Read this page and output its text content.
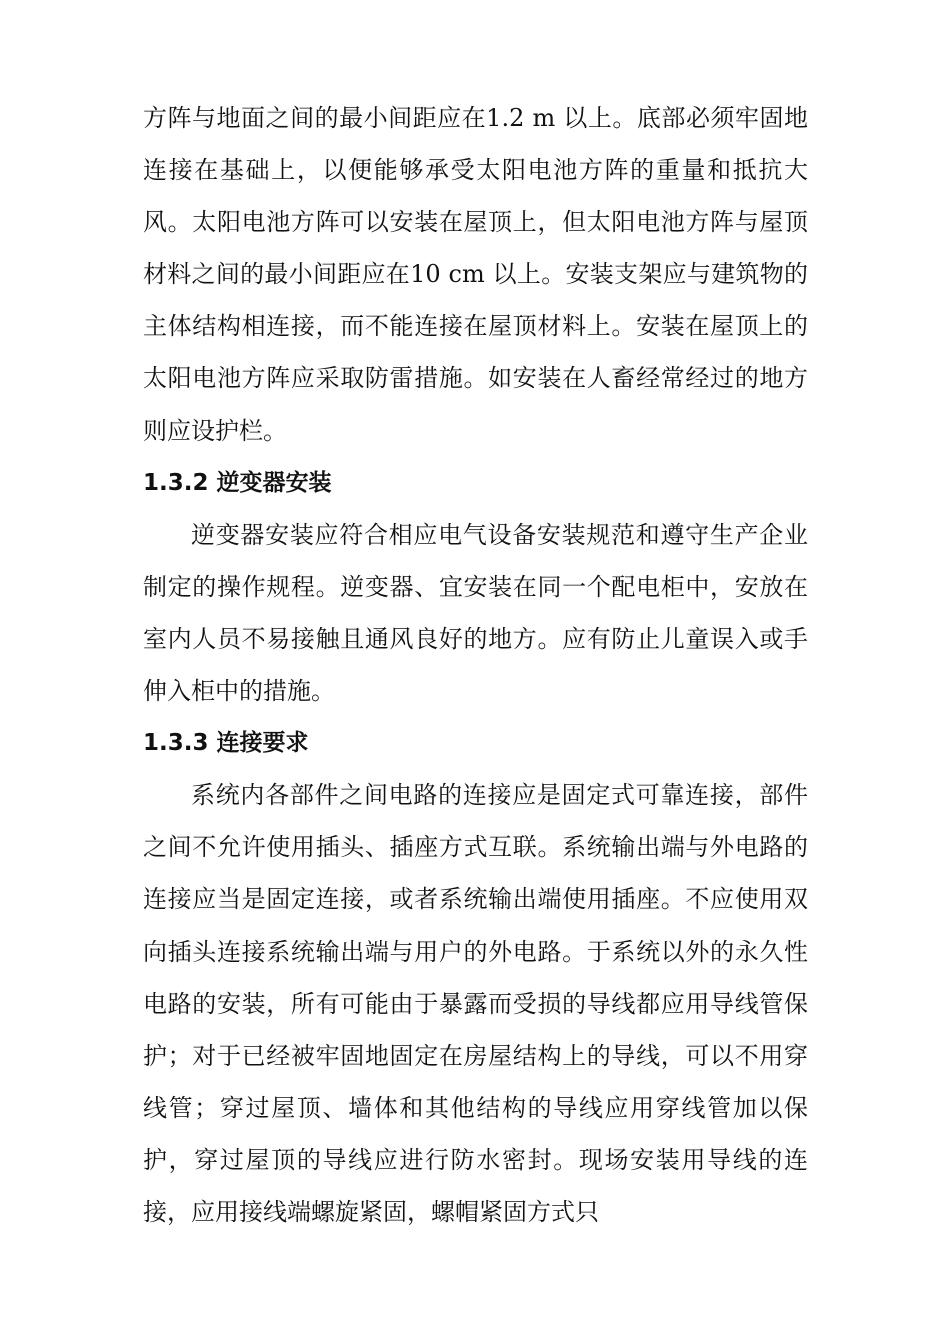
方阵与地面之间的最小间距应在1.2 m 以上。底部必须牢固地连接在基础上，以便能够承受太阳电池方阵的重量和抵抗大风。太阳电池方阵可以安装在屋顶上，但太阳电池方阵与屋顶材料之间的最小间距应在10 cm 以上。安装支架应与建筑物的主体结构相连接，而不能连接在屋顶材料上。安装在屋顶上的太阳电池方阵应采取防雷措施。如安装在人畜经常经过的地方则应设护栏。

1.3.2 逆变器安装

逆变器安装应符合相应电气设备安装规范和遵守生产企业制定的操作规程。逆变器、宜安装在同一个配电柜中，安放在室内人员不易接触且通风良好的地方。应有防止儿童误入或手伸入柜中的措施。

1.3.3 连接要求

系统内各部件之间电路的连接应是固定式可靠连接，部件之间不允许使用插头、插座方式互联。系统输出端与外电路的连接应当是固定连接，或者系统输出端使用插座。不应使用双向插头连接系统输出端与用户的外电路。于系统以外的永久性电路的安装，所有可能由于暴露而受损的导线都应用导线管保护；对于已经被牢固地固定在房屋结构上的导线，可以不用穿线管；穿过屋顶、墙体和其他结构的导线应用穿线管加以保护，穿过屋顶的导线应进行防水密封。现场安装用导线的连接，应用接线端螺旋紧固，螺帽紧固方式只
